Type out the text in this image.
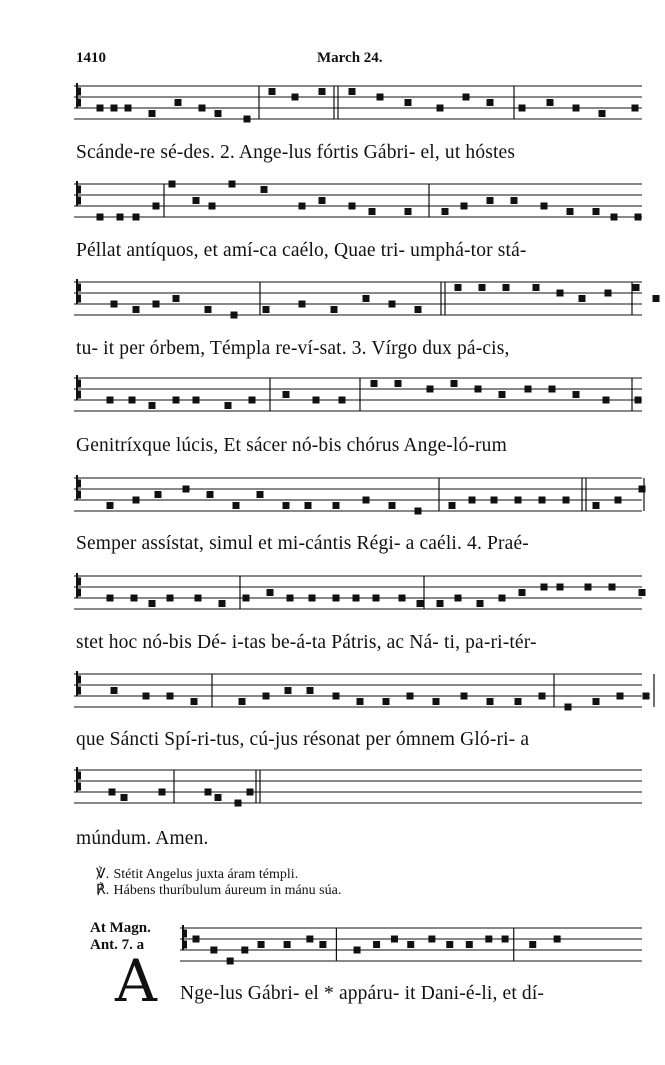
1410	March 24.
Scánde-re sé-des. 2. Ange-lus fórtis Gábri- el, ut hóstes
Péllat antíquos, et amí-ca caélo, Quae tri- umphá-tor stá-
tu- it per órbem, Témpla re-ví-sat. 3. Vírgo dux pá-cis,
Genitríxque lúcis, Et sácer nó-bis chórus Ange-ló-rum
Semper assístat, simul et mi-cántis Régi- a caéli. 4. Praé-
stet hoc nó-bis Dé- i-tas be-á-ta Pátris, ac Ná- ti, pa-ri-tér-
que Sáncti Spí-ri-tus, cú-jus résonat per ómnem Gló-ri- a
múndum. Amen.
℣. Stétit Angelus juxta áram témpli.
℟. Hábens thuríbulum áureum in mánu súa.
At Magn.
Ant. 7. a
A Nge-lus Gábri- el * appáru- it Dani-é-li, et dí-
